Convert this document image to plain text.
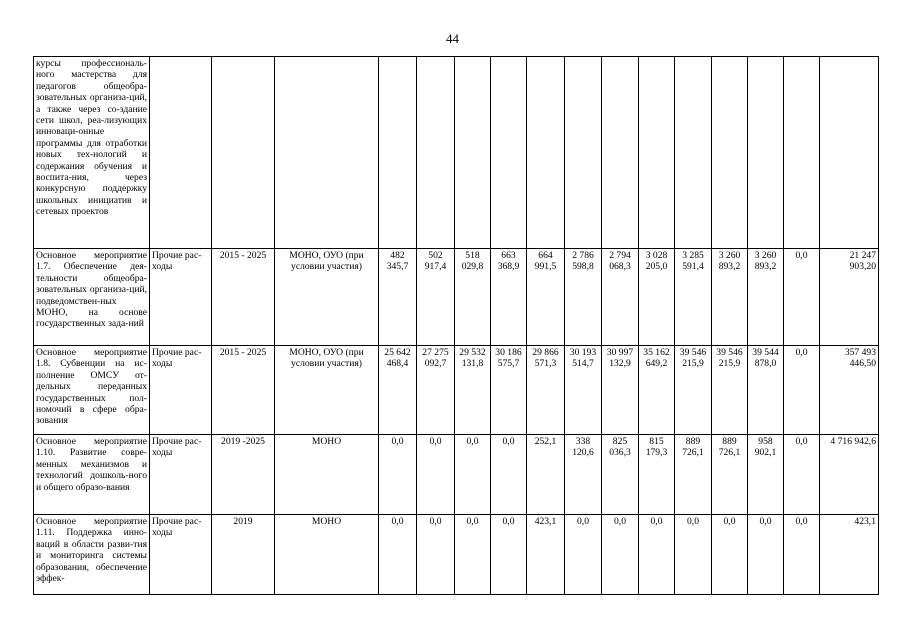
44
курсы профессиональ-ного мастерства для педагогов общеобра-зовательных организа-ций, а также через со-здание сети школ, реа-лизующих инноваци-онные программы для отработки новых тех-нологий и содержания обучения и воспита-ния, через конкурсную поддержку школьных инициатив и сетевых проектов																
Основное мероприятие 1.7. Обеспечение дея-тельности общеобра-зовательных организа-ций, подведомствен-ных МОНО, на основе государственных зада-ний	Прочие рас-ходы	2015 - 2025	МОНО, ОУО (при условии участия)	482 345,7	502 917,4	518 029,8	663 368,9	664 991,5	2 786 598,8	2 794 068,3	3 028 205,0	3 285 591,4	3 260 893,2	3 260 893,2	0,0	21 247 903,20
Основное мероприятие 1.8. Субвенции на ис-полнение ОМСУ от-дельных переданных государственных пол-номочий в сфере обра-зования	Прочие рас-ходы	2015 - 2025	МОНО, ОУО (при условии участия)	25 642 468,4	27 275 092,7	29 532 131,8	30 186 575,7	29 866 571,3	30 193 514,7	30 997 132,9	35 162 649,2	39 546 215,9	39 546 215,9	39 544 878,0	0,0	357 493 446,50
Основное мероприятие 1.10. Развитие совре-менных механизмов и технологий дошколь-ного и общего образо-вания	Прочие рас-ходы	2019 -2025	МОНО	0,0	0,0	0,0	0,0	252,1	338 120,6	825 036,3	815 179,3	889 726,1	889 726,1	958 902,1	0,0	4 716 942,6
Основное мероприятие 1.11. Поддержка инно-ваций в области разви-тия и мониторинга системы образования, обеспечение эффек-	Прочие рас-ходы	2019	МОНО	0,0	0,0	0,0	0,0	423,1	0,0	0,0	0,0	0,0	0,0	0,0	0,0	423,1
